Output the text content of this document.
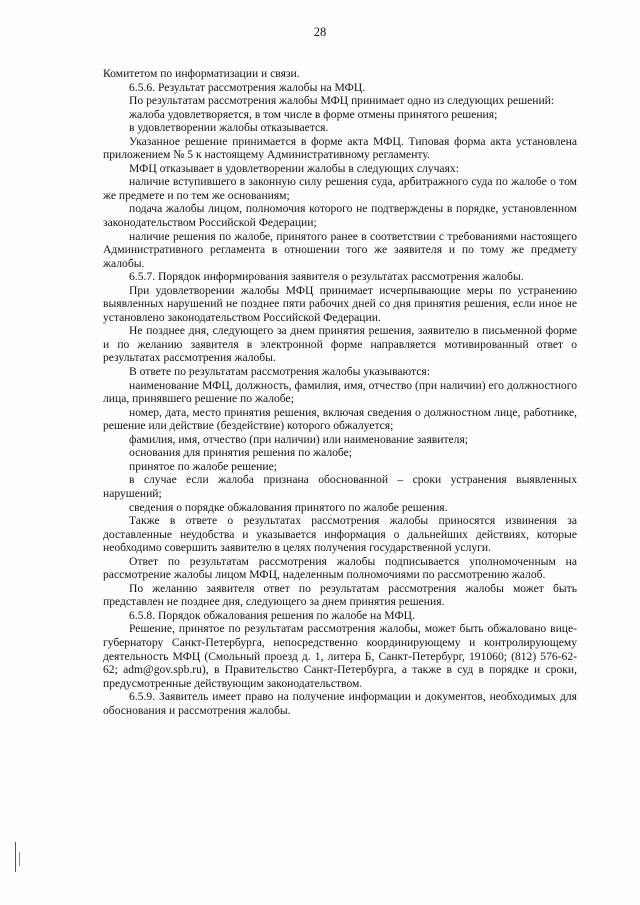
28

Комитетом по информатизации и связи.

6.5.6. Результат рассмотрения жалобы на МФЦ.

По результатам рассмотрения жалобы МФЦ принимает одно из следующих решений:

жалоба удовлетворяется, в том числе в форме отмены принятого решения;

в удовлетворении жалобы отказывается.

Указанное решение принимается в форме акта МФЦ. Типовая форма акта установлена приложением № 5 к настоящему Административному регламенту.

МФЦ отказывает в удовлетворении жалобы в следующих случаях:

наличие вступившего в законную силу решения суда, арбитражного суда по жалобе о том же предмете и по тем же основаниям;

подача жалобы лицом, полномочия которого не подтверждены в порядке, установленном законодательством Российской Федерации;

наличие решения по жалобе, принятого ранее в соответствии с требованиями настоящего Административного регламента в отношении того же заявителя и по тому же предмету жалобы.

6.5.7. Порядок информирования заявителя о результатах рассмотрения жалобы.

При удовлетворении жалобы МФЦ принимает исчерпывающие меры по устранению выявленных нарушений не позднее пяти рабочих дней со дня принятия решения, если иное не установлено законодательством Российской Федерации.

Не позднее дня, следующего за днем принятия решения, заявителю в письменной форме и по желанию заявителя в электронной форме направляется мотивированный ответ о результатах рассмотрения жалобы.

В ответе по результатам рассмотрения жалобы указываются:

наименование МФЦ, должность, фамилия, имя, отчество (при наличии) его должностного лица, принявшего решение по жалобе;

номер, дата, место принятия решения, включая сведения о должностном лице, работнике, решение или действие (бездействие) которого обжалуется;

фамилия, имя, отчество (при наличии) или наименование заявителя;

основания для принятия решения по жалобе;

принятое по жалобе решение;

в случае если жалоба признана обоснованной – сроки устранения выявленных нарушений;

сведения о порядке обжалования принятого по жалобе решения.

Также в ответе о результатах рассмотрения жалобы приносятся извинения за доставленные неудобства и указывается информация о дальнейших действиях, которые необходимо совершить заявителю в целях получения государственной услуги.

Ответ по результатам рассмотрения жалобы подписывается уполномоченным на рассмотрение жалобы лицом МФЦ, наделенным полномочиями по рассмотрению жалоб.

По желанию заявителя ответ по результатам рассмотрения жалобы может быть представлен не позднее дня, следующего за днем принятия решения.

6.5.8. Порядок обжалования решения по жалобе на МФЦ.

Решение, принятое по результатам рассмотрения жалобы, может быть обжаловано вице-губернатору Санкт-Петербурга, непосредственно координирующему и контролирующему деятельность МФЦ (Смольный проезд д. 1, литера Б, Санкт-Петербург, 191060; (812) 576-62-62; adm@gov.spb.ru), в Правительство Санкт-Петербурга, а также в суд в порядке и сроки, предусмотренные действующим законодательством.

6.5.9. Заявитель имеет право на получение информации и документов, необходимых для обоснования и рассмотрения жалобы.
